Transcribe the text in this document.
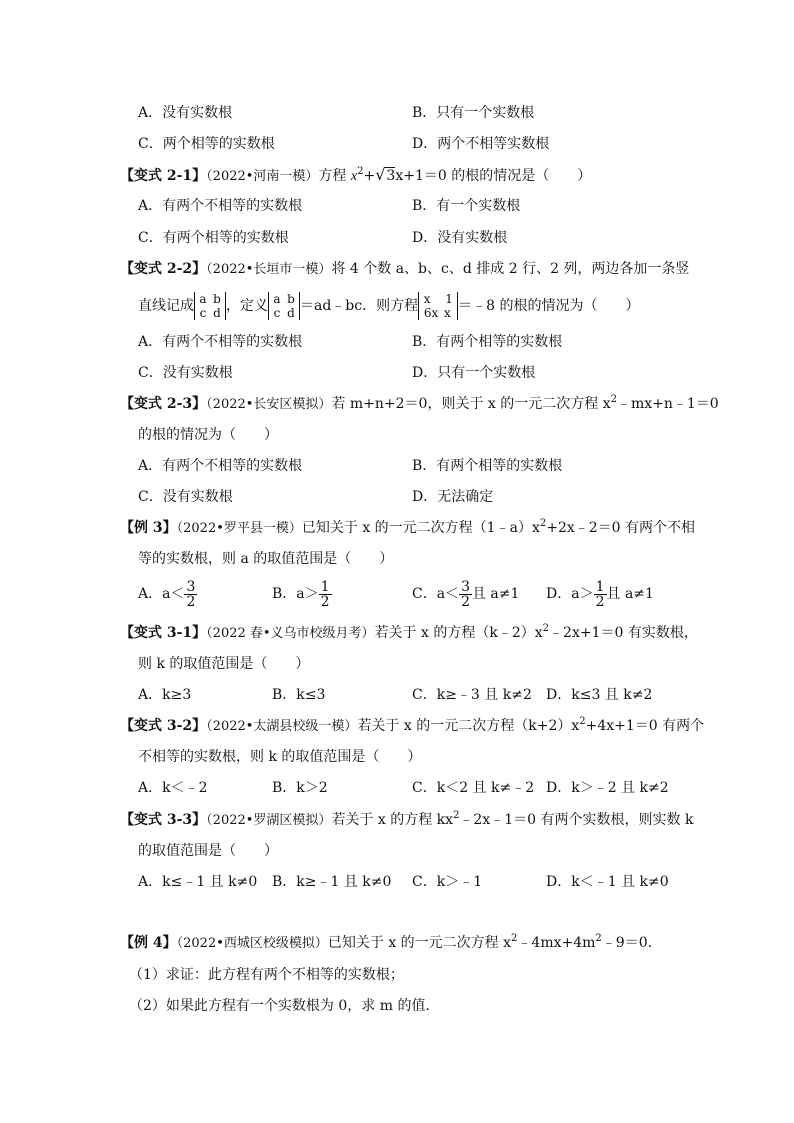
A．没有实数根	B．只有一个实数根
C．两个相等的实数根	D．两个不相等实数根
【变式 2-1】（2022•河南一模）方程 $x^2+√3x+1=0$ 的根的情况是（　　）
A．有两个不相等的实数根	B．有一个实数根
C．有两个相等的实数根	D．没有实数根
【变式 2-2】（2022•长垣市一模）将 4 个数 a、b、c、d 排成 2 行、2 列，两边各加一条竖
直线记成 a b
c d ，定义 a b
c d ＝ad﹣bc．则方程 x 1
6x x ＝﹣8 的根的情况为（　　）
A．有两个不相等的实数根	B．有两个相等的实数根
C．没有实数根	D．只有一个实数根
【变式 2-3】（2022•长安区模拟）若 m+n+2＝0，则关于 x 的一元二次方程 $x^2﹣mx+n﹣1=0$
的根的情况为（　　）
A．有两个不相等的实数根	B．有两个相等的实数根
C．没有实数根	D．无法确定
【例 3】（2022•罗平县一模）已知关于 x 的一元二次方程$(1﹣a)x^2+2x﹣2=0$ 有两个不相
等的实数根，则 a 的取值范围是（　　）
A．$a< \frac{3}{2}$	B．$a> \frac{1}{2}$	C．$a< \frac{3}{2}$ 且 a≠1 D．$a> \frac{1}{2}$ 且 a≠1
【变式 3-1】（2022 春•义乌市校级月考）若关于 x 的方程$(k﹣2)x^2﹣2x+1=0$ 有实数根，
则 k 的取值范围是（　　）
A．k≥3	B．k≤3	C．k≥﹣3 且 k≠2 D．k≤3 且 k≠2
【变式 3-2】（2022•太湖县校级一模）若关于 x 的一元二次方程$(k+2)x^2+4x+1=0$ 有两个
不相等的实数根，则 k 的取值范围是（　　）
A．k＜﹣2	B．k＞2	C．k＜2 且 k≠﹣2 D．k＞﹣2 且 k≠2
【变式 3-3】（2022•罗湖区模拟）若关于 x 的方程 $kx^2﹣2x﹣1=0$ 有两个实数根，则实数 k
的取值范围是（　　）
A．k≤﹣1 且 k≠0 B．k≥﹣1 且 k≠0 C．k＞﹣1	D．k＜﹣1 且 k≠0
【例 4】（2022•西城区校级模拟）已知关于 x 的一元二次方程 $x^2﹣4mx+4m^2﹣9=0$．
（1）求证：此方程有两个不相等的实数根；
（2）如果此方程有一个实数根为 0，求 m 的值．
